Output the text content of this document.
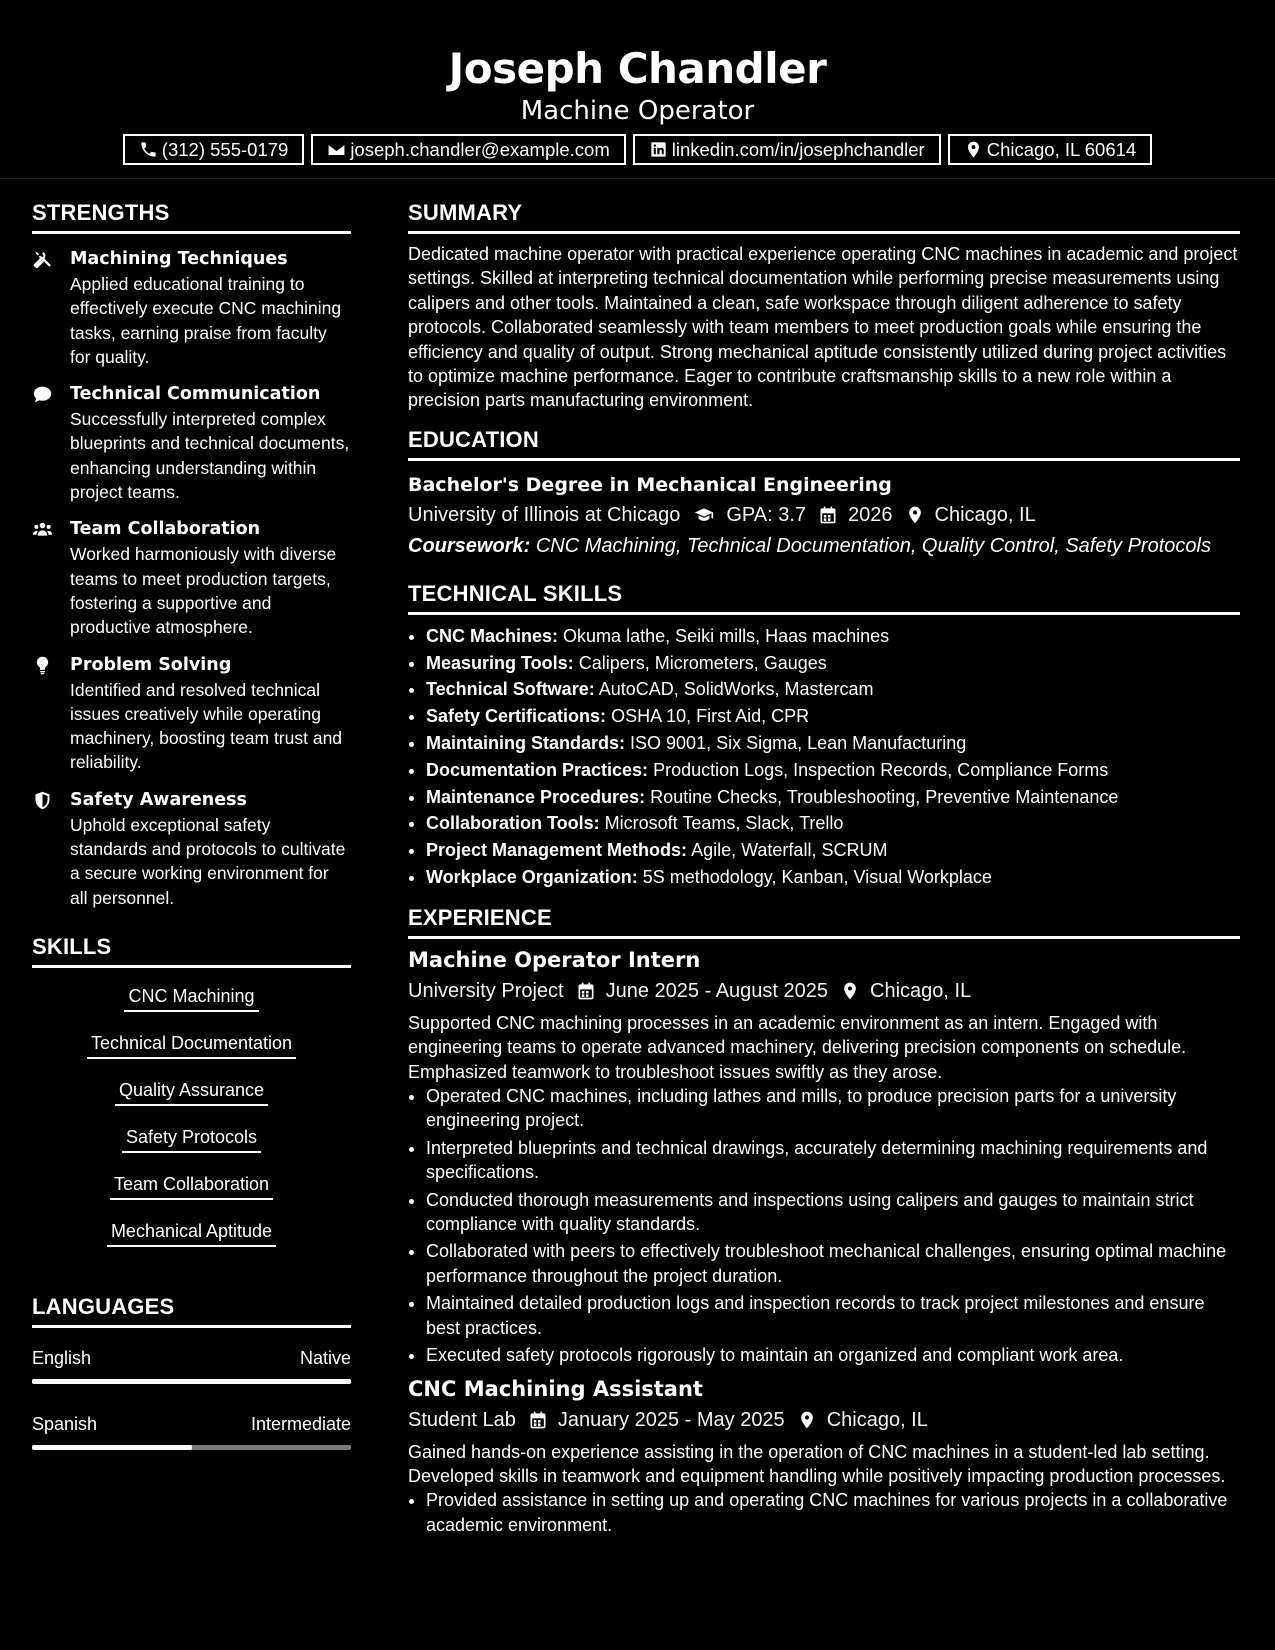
Joseph Chandler
Machine Operator
(312) 555-0179	joseph.chandler@example.com	linkedin.com/in/josephchandler	Chicago, IL 60614
STRENGTHS
Machining Techniques

Applied educational training to effectively execute CNC machining tasks, earning praise from faculty for quality.

Technical Communication

Successfully interpreted complex blueprints and technical documents, enhancing understanding within project teams.

Team Collaboration

Worked harmoniously with diverse teams to meet production targets, fostering a supportive and productive atmosphere.

Problem Solving

Identified and resolved technical issues creatively while operating machinery, boosting team trust and reliability.

Safety Awareness

Uphold exceptional safety standards and protocols to cultivate a secure working environment for all personnel.

SKILLS
CNC Machining
Technical Documentation
Quality Assurance
Safety Protocols
Team Collaboration
Mechanical Aptitude
LANGUAGES
English	Native
Spanish	Intermediate
SUMMARY

Dedicated machine operator with practical experience operating CNC machines in academic and project settings. Skilled at interpreting technical documentation while performing precise measurements using calipers and other tools. Maintained a clean, safe workspace through diligent adherence to safety protocols. Collaborated seamlessly with team members to meet production goals while ensuring the efficiency and quality of output. Strong mechanical aptitude consistently utilized during project activities to optimize machine performance. Eager to contribute craftsmanship skills to a new role within a precision parts manufacturing environment.

EDUCATION
Bachelor's Degree in Mechanical Engineering
University of Illinois at Chicago GPA: 3.7 2026 Chicago, IL
Coursework: CNC Machining, Technical Documentation, Quality Control, Safety Protocols
TECHNICAL SKILLS
• CNC Machines: Okuma lathe, Seiki mills, Haas machines
• Measuring Tools: Calipers, Micrometers, Gauges
• Technical Software: AutoCAD, SolidWorks, Mastercam
• Safety Certifications: OSHA 10, First Aid, CPR
• Maintaining Standards: ISO 9001, Six Sigma, Lean Manufacturing
• Documentation Practices: Production Logs, Inspection Records, Compliance Forms
• Maintenance Procedures: Routine Checks, Troubleshooting, Preventive Maintenance
• Collaboration Tools: Microsoft Teams, Slack, Trello
• Project Management Methods: Agile, Waterfall, SCRUM
• Workplace Organization: 5S methodology, Kanban, Visual Workplace
EXPERIENCE
Machine Operator Intern
University Project June 2025 - August 2025 Chicago, IL

Supported CNC machining processes in an academic environment as an intern. Engaged with engineering teams to operate advanced machinery, delivering precision components on schedule. Emphasized teamwork to troubleshoot issues swiftly as they arose.

• Operated CNC machines, including lathes and mills, to produce precision parts for a university engineering project.
• Interpreted blueprints and technical drawings, accurately determining machining requirements and specifications.
• Conducted thorough measurements and inspections using calipers and gauges to maintain strict compliance with quality standards.
• Collaborated with peers to effectively troubleshoot mechanical challenges, ensuring optimal machine performance throughout the project duration.
• Maintained detailed production logs and inspection records to track project milestones and ensure best practices.
• Executed safety protocols rigorously to maintain an organized and compliant work area.
CNC Machining Assistant
Student Lab January 2025 - May 2025 Chicago, IL

Gained hands-on experience assisting in the operation of CNC machines in a student-led lab setting. Developed skills in teamwork and equipment handling while positively impacting production processes.

• Provided assistance in setting up and operating CNC machines for various projects in a collaborative academic environment.
